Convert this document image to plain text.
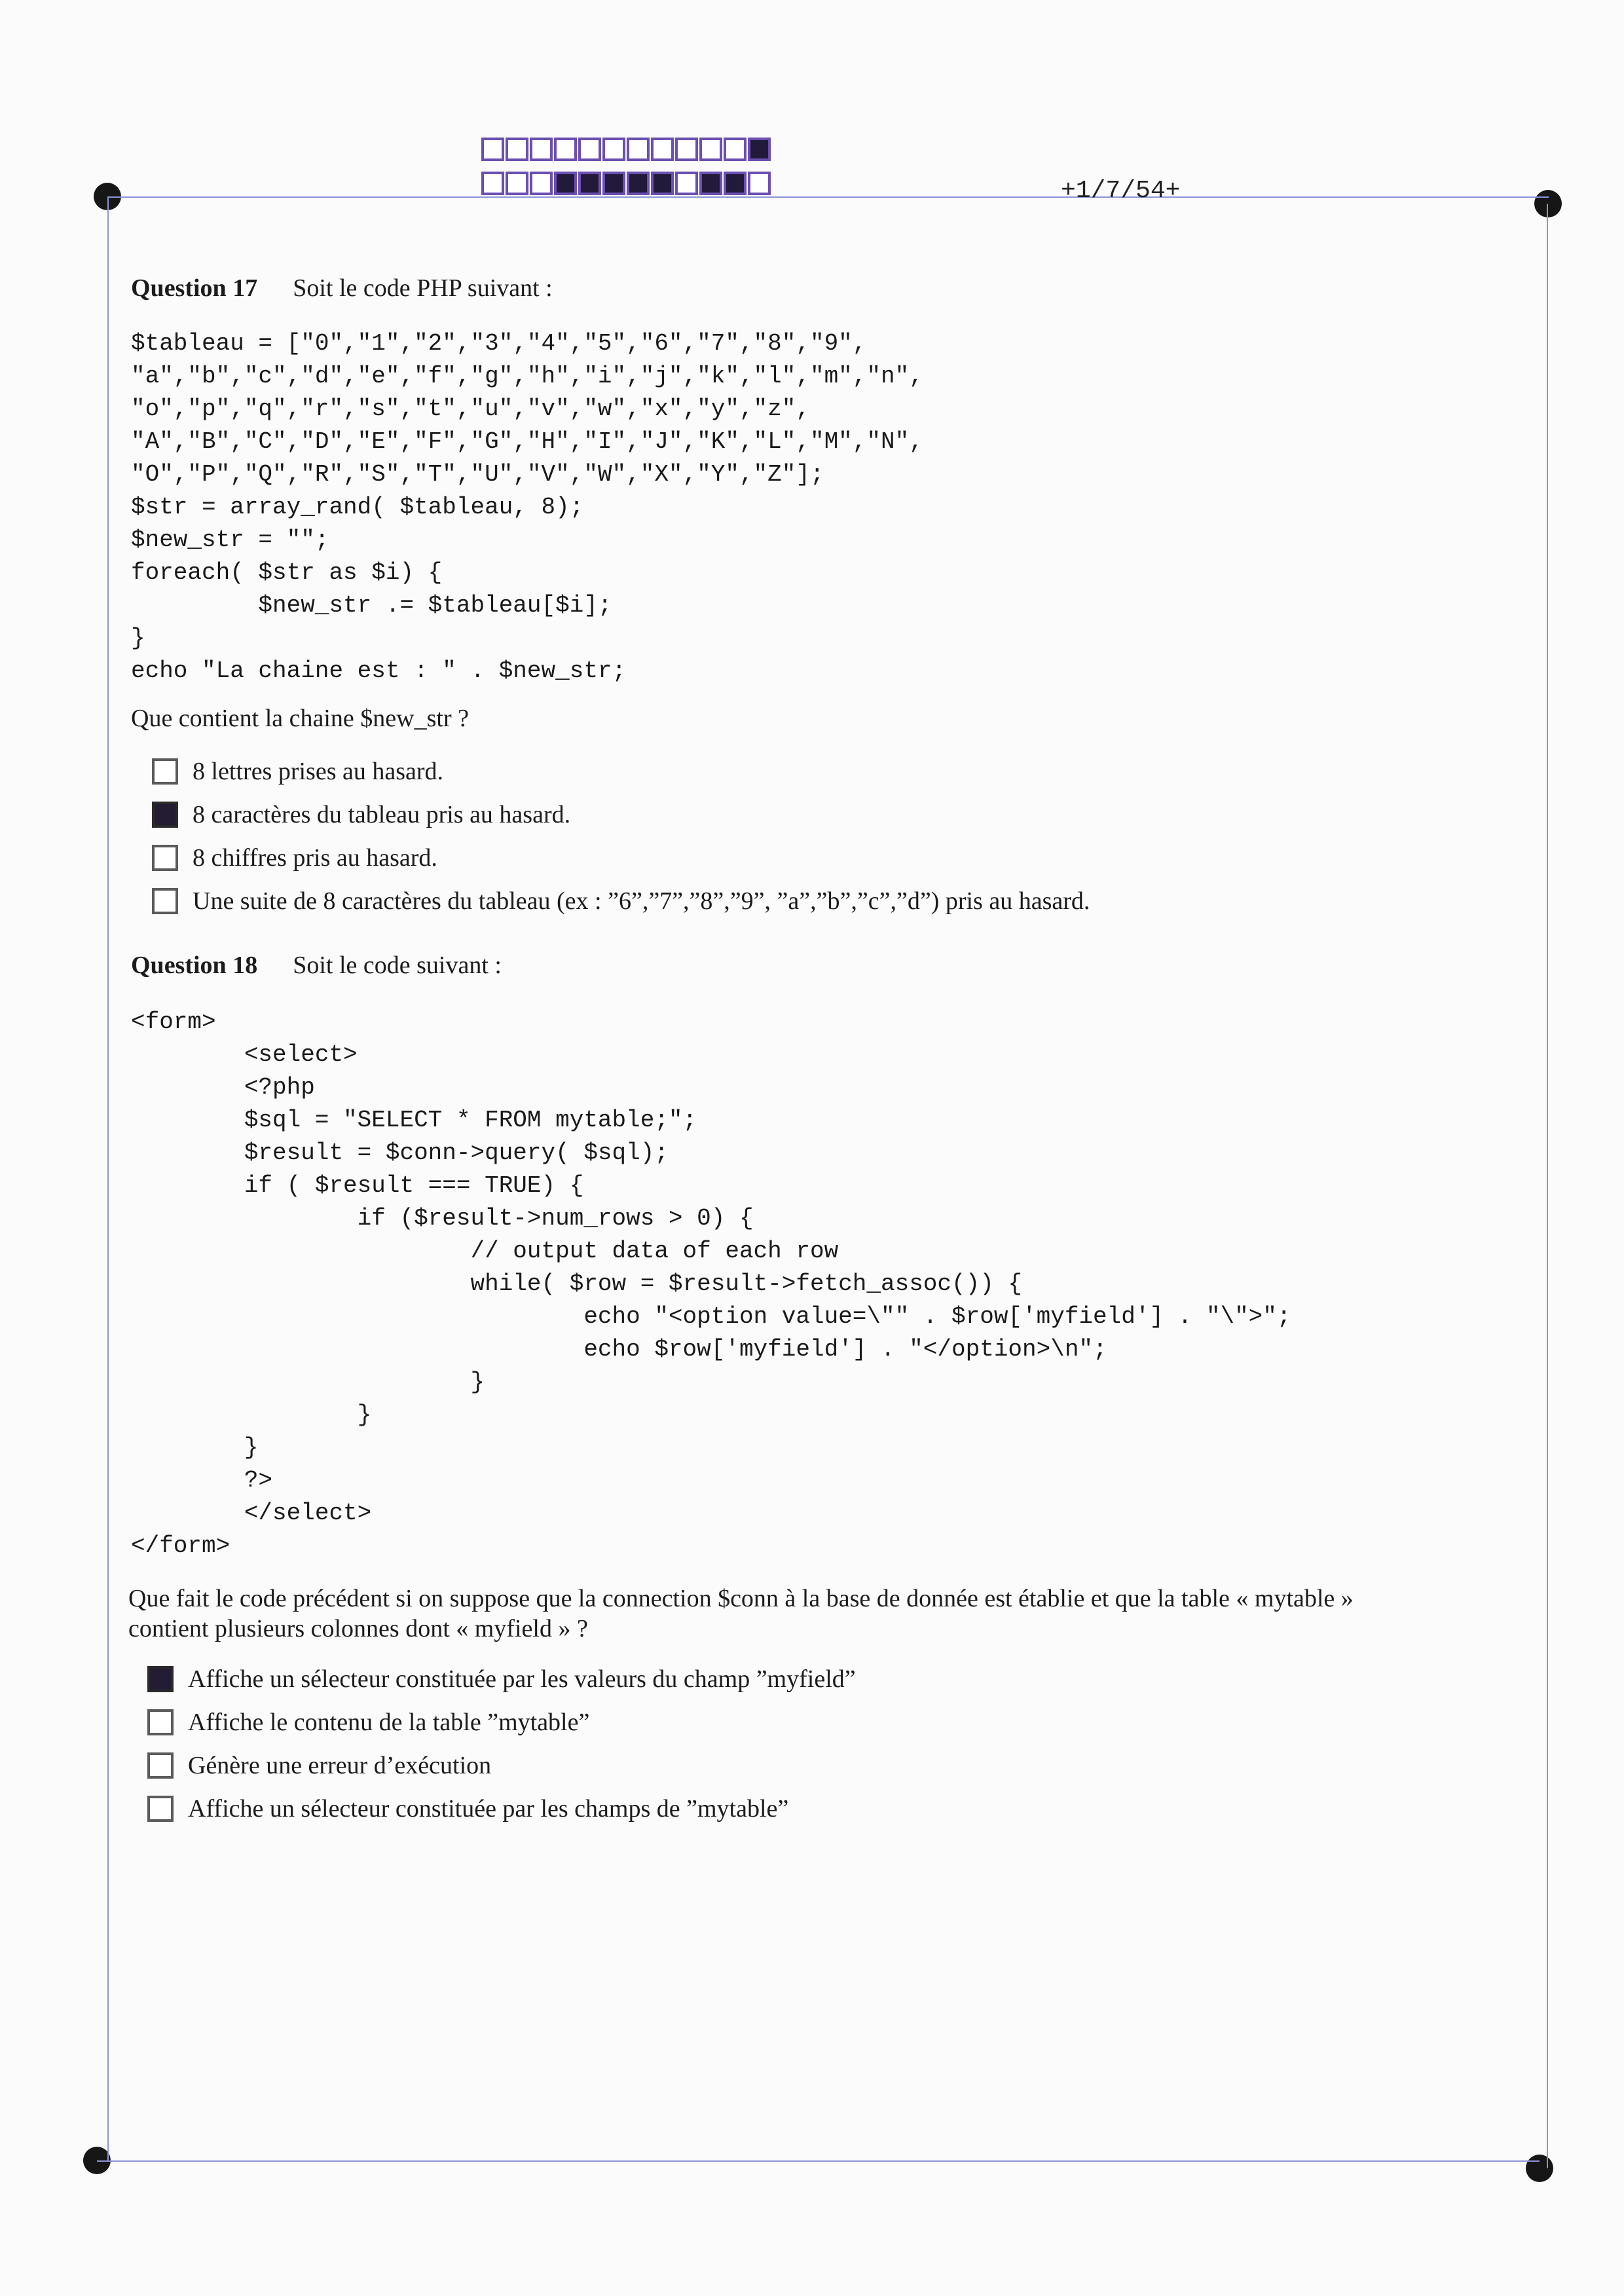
+1/7/54+
Question 17 Soit le code PHP suivant :
$tableau = ["0","1","2","3","4","5","6","7","8","9",
"a","b","c","d","e","f","g","h","i","j","k","l","m","n",
"o","p","q","r","s","t","u","v","w","x","y","z",
"A","B","C","D","E","F","G","H","I","J","K","L","M","N",
"O","P","Q","R","S","T","U","V","W","X","Y","Z"];
$str = array_rand( $tableau, 8);
$new_str = "";
foreach( $str as $i) {
$new_str .= $tableau[$i];
}
echo "La chaine est : " . $new_str;
Que contient la chaine $new_str ?
8 lettres prises au hasard.
8 caractères du tableau pris au hasard.
8 chiffres pris au hasard.
Une suite de 8 caractères du tableau (ex : ”6”,”7”,”8”,”9”, ”a”,”b”,”c”,”d”) pris au hasard.
Question 18 Soit le code suivant :
<form>
<select>
<?php
$sql = "SELECT * FROM mytable;";
$result = $conn->query( $sql);
if ( $result === TRUE) {
if ($result->num_rows > 0) {
// output data of each row
while( $row = $result->fetch_assoc()) {
echo "<option value=\"" . $row['myfield'] . "\">";
echo $row['myfield'] . "</option>\n";
}
}
}
?>
</select>
</form>
Que fait le code précédent si on suppose que la connection $conn à la base de donnée est établie et que la table « mytable »
contient plusieurs colonnes dont « myfield » ?
Affiche un sélecteur constituée par les valeurs du champ ”myfield”
Affiche le contenu de la table ”mytable”
Génère une erreur d’exécution
Affiche un sélecteur constituée par les champs de ”mytable”
